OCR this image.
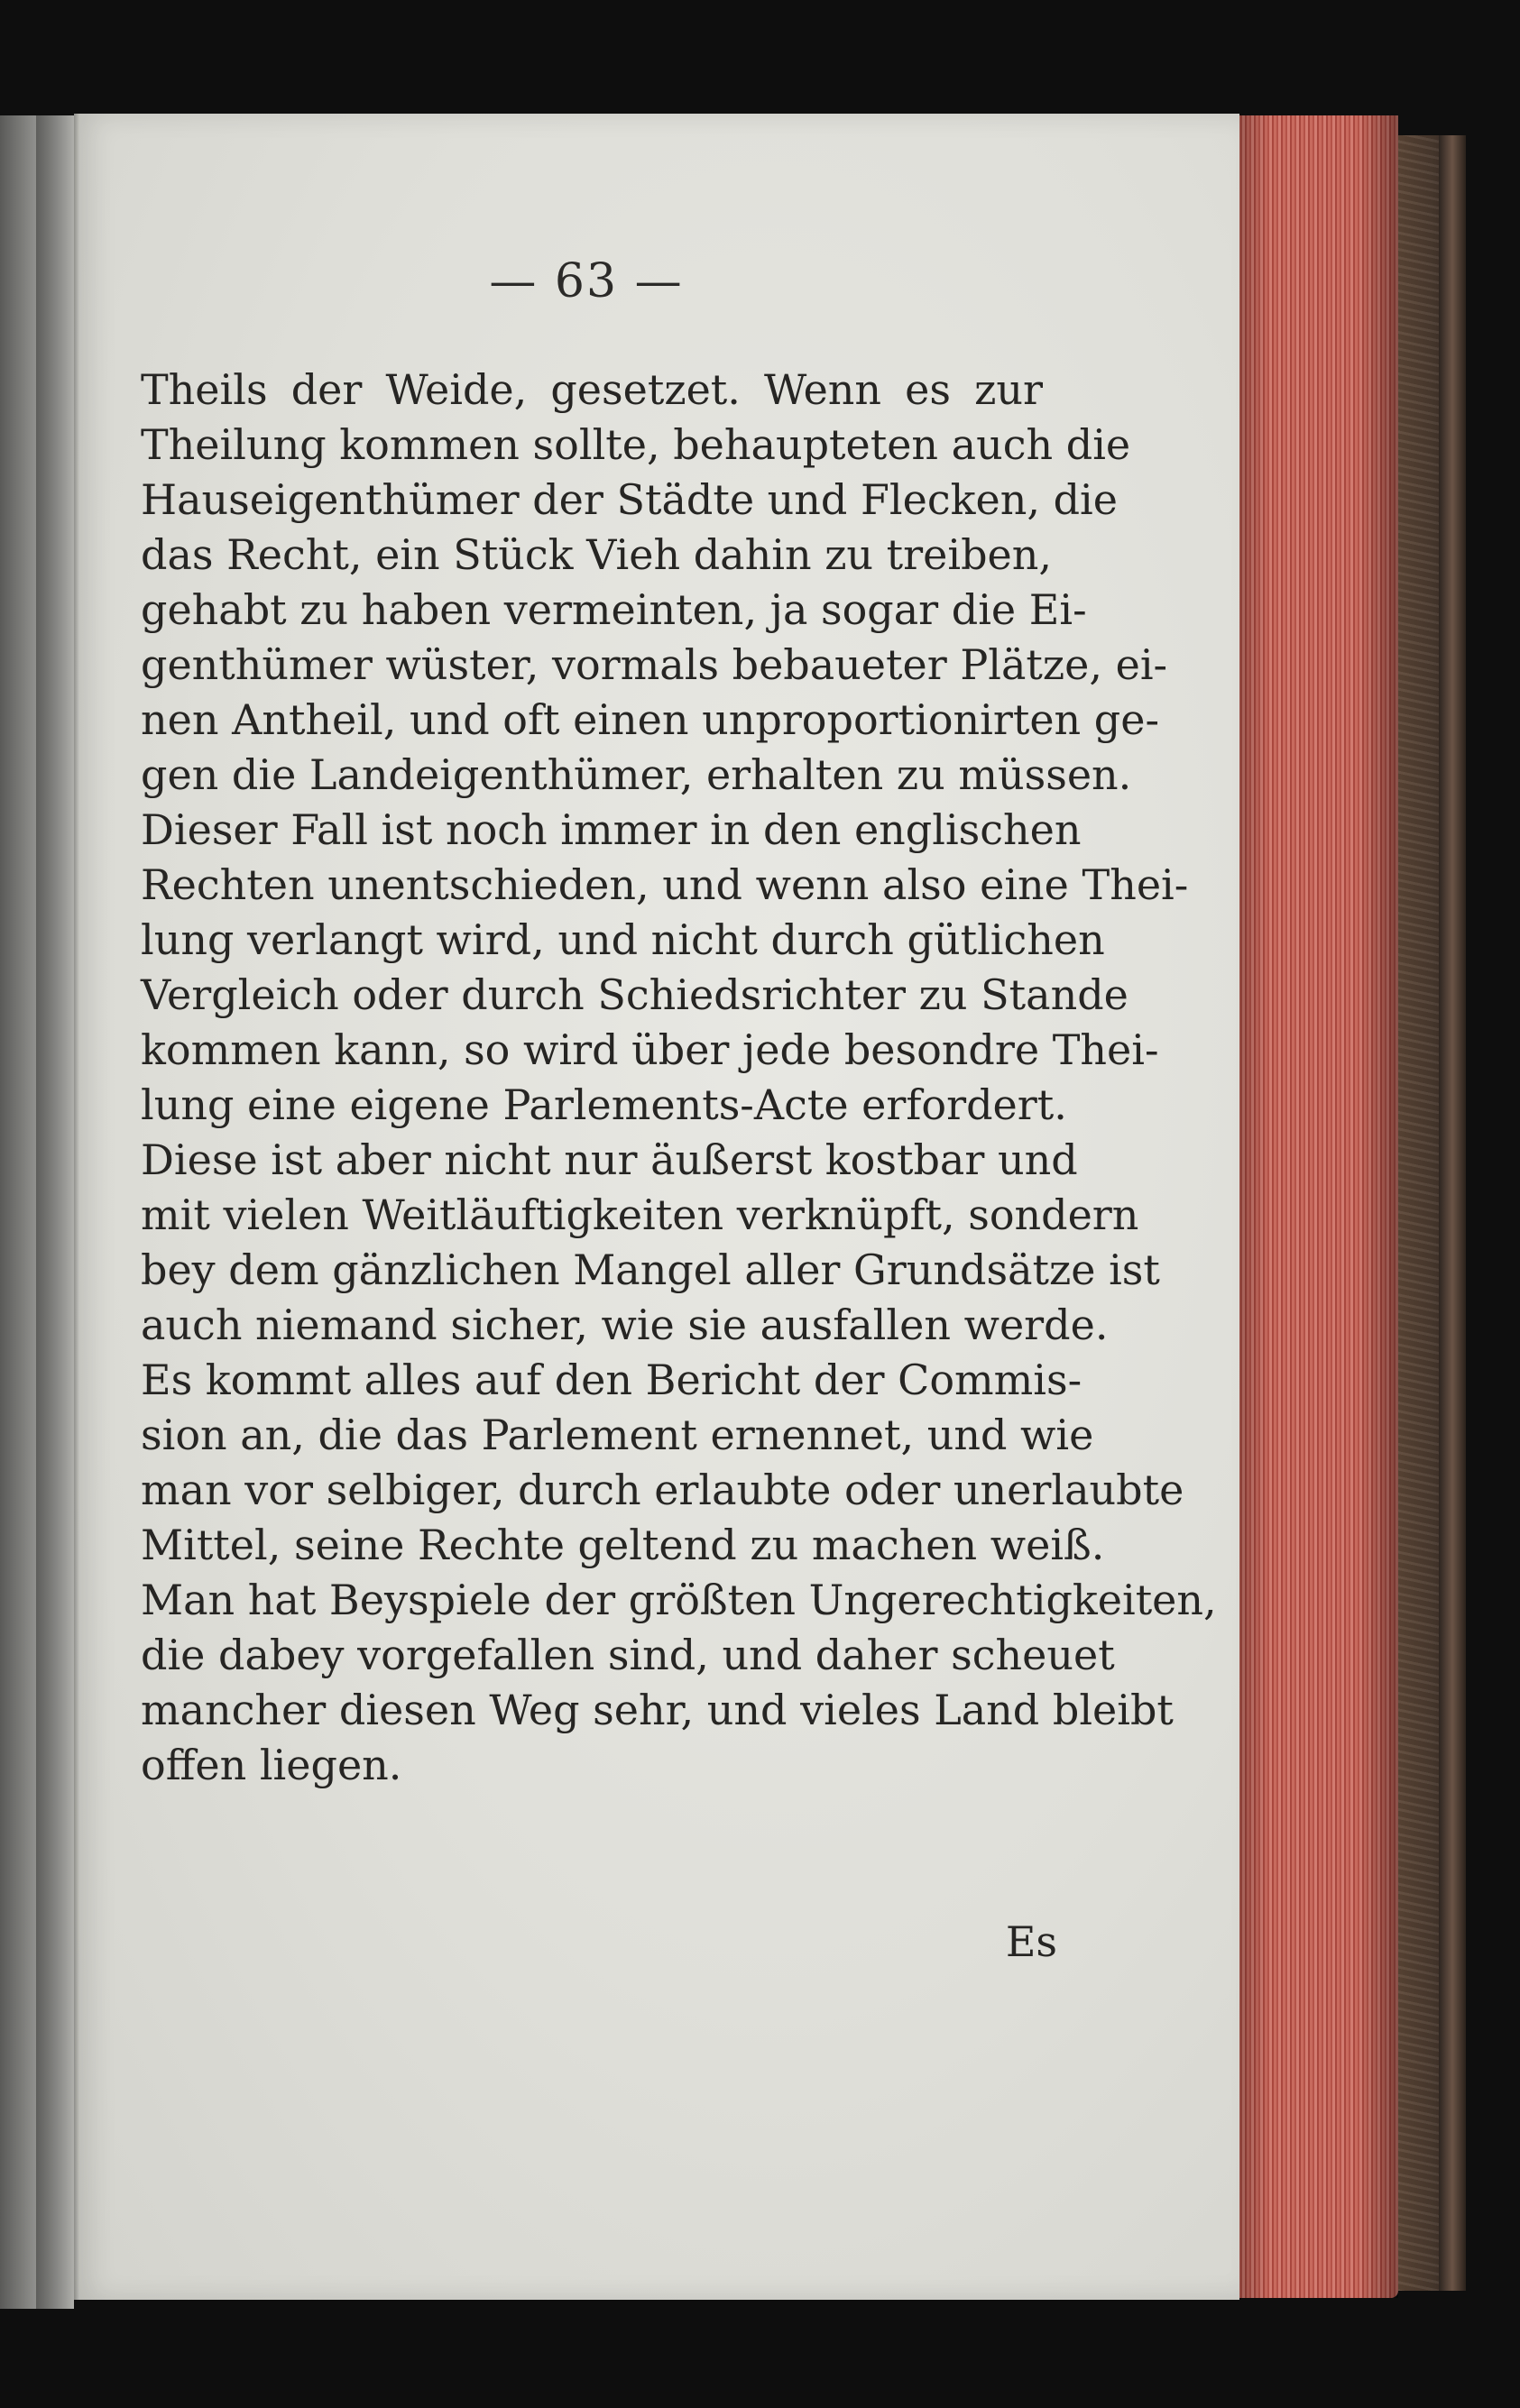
— 63 —
Theils der Weide, gesetzet. Wenn es zur
Theilung kommen sollte, behaupteten auch die
Hauseigenthümer der Städte und Flecken, die
das Recht, ein Stück Vieh dahin zu treiben,
gehabt zu haben vermeinten, ja sogar die Ei-
genthümer wüster, vormals bebaueter Plätze, ei-
nen Antheil, und oft einen unproportionirten ge-
gen die Landeigenthümer, erhalten zu müssen.
Dieser Fall ist noch immer in den englischen
Rechten unentschieden, und wenn also eine Thei-
lung verlangt wird, und nicht durch gütlichen
Vergleich oder durch Schiedsrichter zu Stande
kommen kann, so wird über jede besondre Thei-
lung eine eigene Parlements-Acte erfordert.
Diese ist aber nicht nur äußerst kostbar und
mit vielen Weitläuftigkeiten verknüpft, sondern
bey dem gänzlichen Mangel aller Grundsätze ist
auch niemand sicher, wie sie ausfallen werde.
Es kommt alles auf den Bericht der Commis-
sion an, die das Parlement ernennet, und wie
man vor selbiger, durch erlaubte oder unerlaubte
Mittel, seine Rechte geltend zu machen weiß.
Man hat Beyspiele der größten Ungerechtigkeiten,
die dabey vorgefallen sind, und daher scheuet
mancher diesen Weg sehr, und vieles Land bleibt
offen liegen.
Es
